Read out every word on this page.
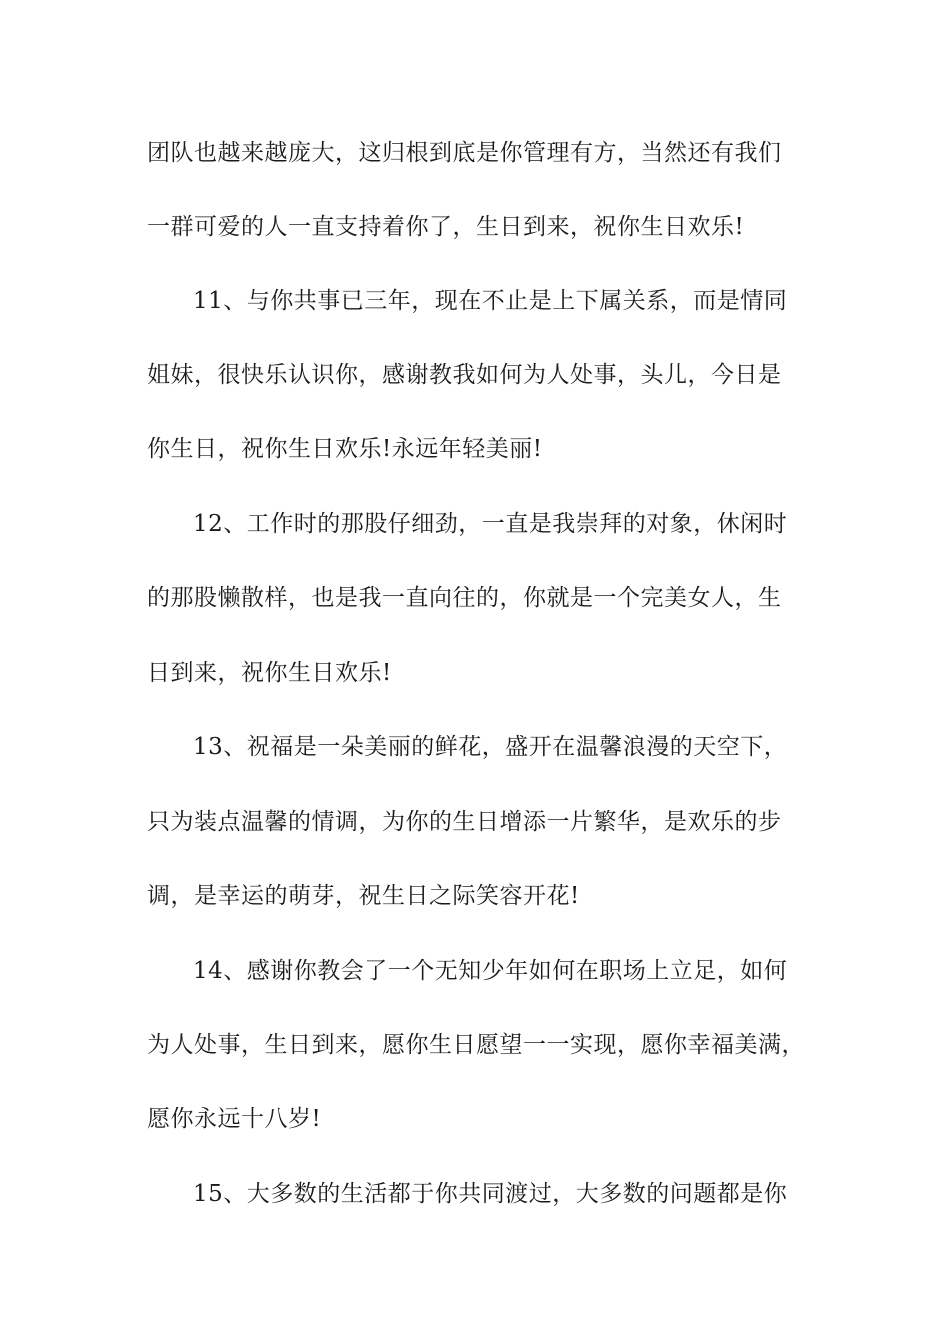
团队也越来越庞大，这归根到底是你管理有方，当然还有我们
一群可爱的人一直支持着你了，生日到来，祝你生日欢乐!
11、与你共事已三年，现在不止是上下属关系，而是情同
姐妹，很快乐认识你，感谢教我如何为人处事，头儿，今日是
你生日，祝你生日欢乐!永远年轻美丽!
12、工作时的那股仔细劲，一直是我崇拜的对象，休闲时
的那股懒散样，也是我一直向往的，你就是一个完美女人，生
日到来，祝你生日欢乐!
13、祝福是一朵美丽的鲜花，盛开在温馨浪漫的天空下，
只为装点温馨的情调，为你的生日增添一片繁华，是欢乐的步
调，是幸运的萌芽，祝生日之际笑容开花!
14、感谢你教会了一个无知少年如何在职场上立足，如何
为人处事，生日到来，愿你生日愿望一一实现，愿你幸福美满，
愿你永远十八岁!
15、大多数的生活都于你共同渡过，大多数的问题都是你
